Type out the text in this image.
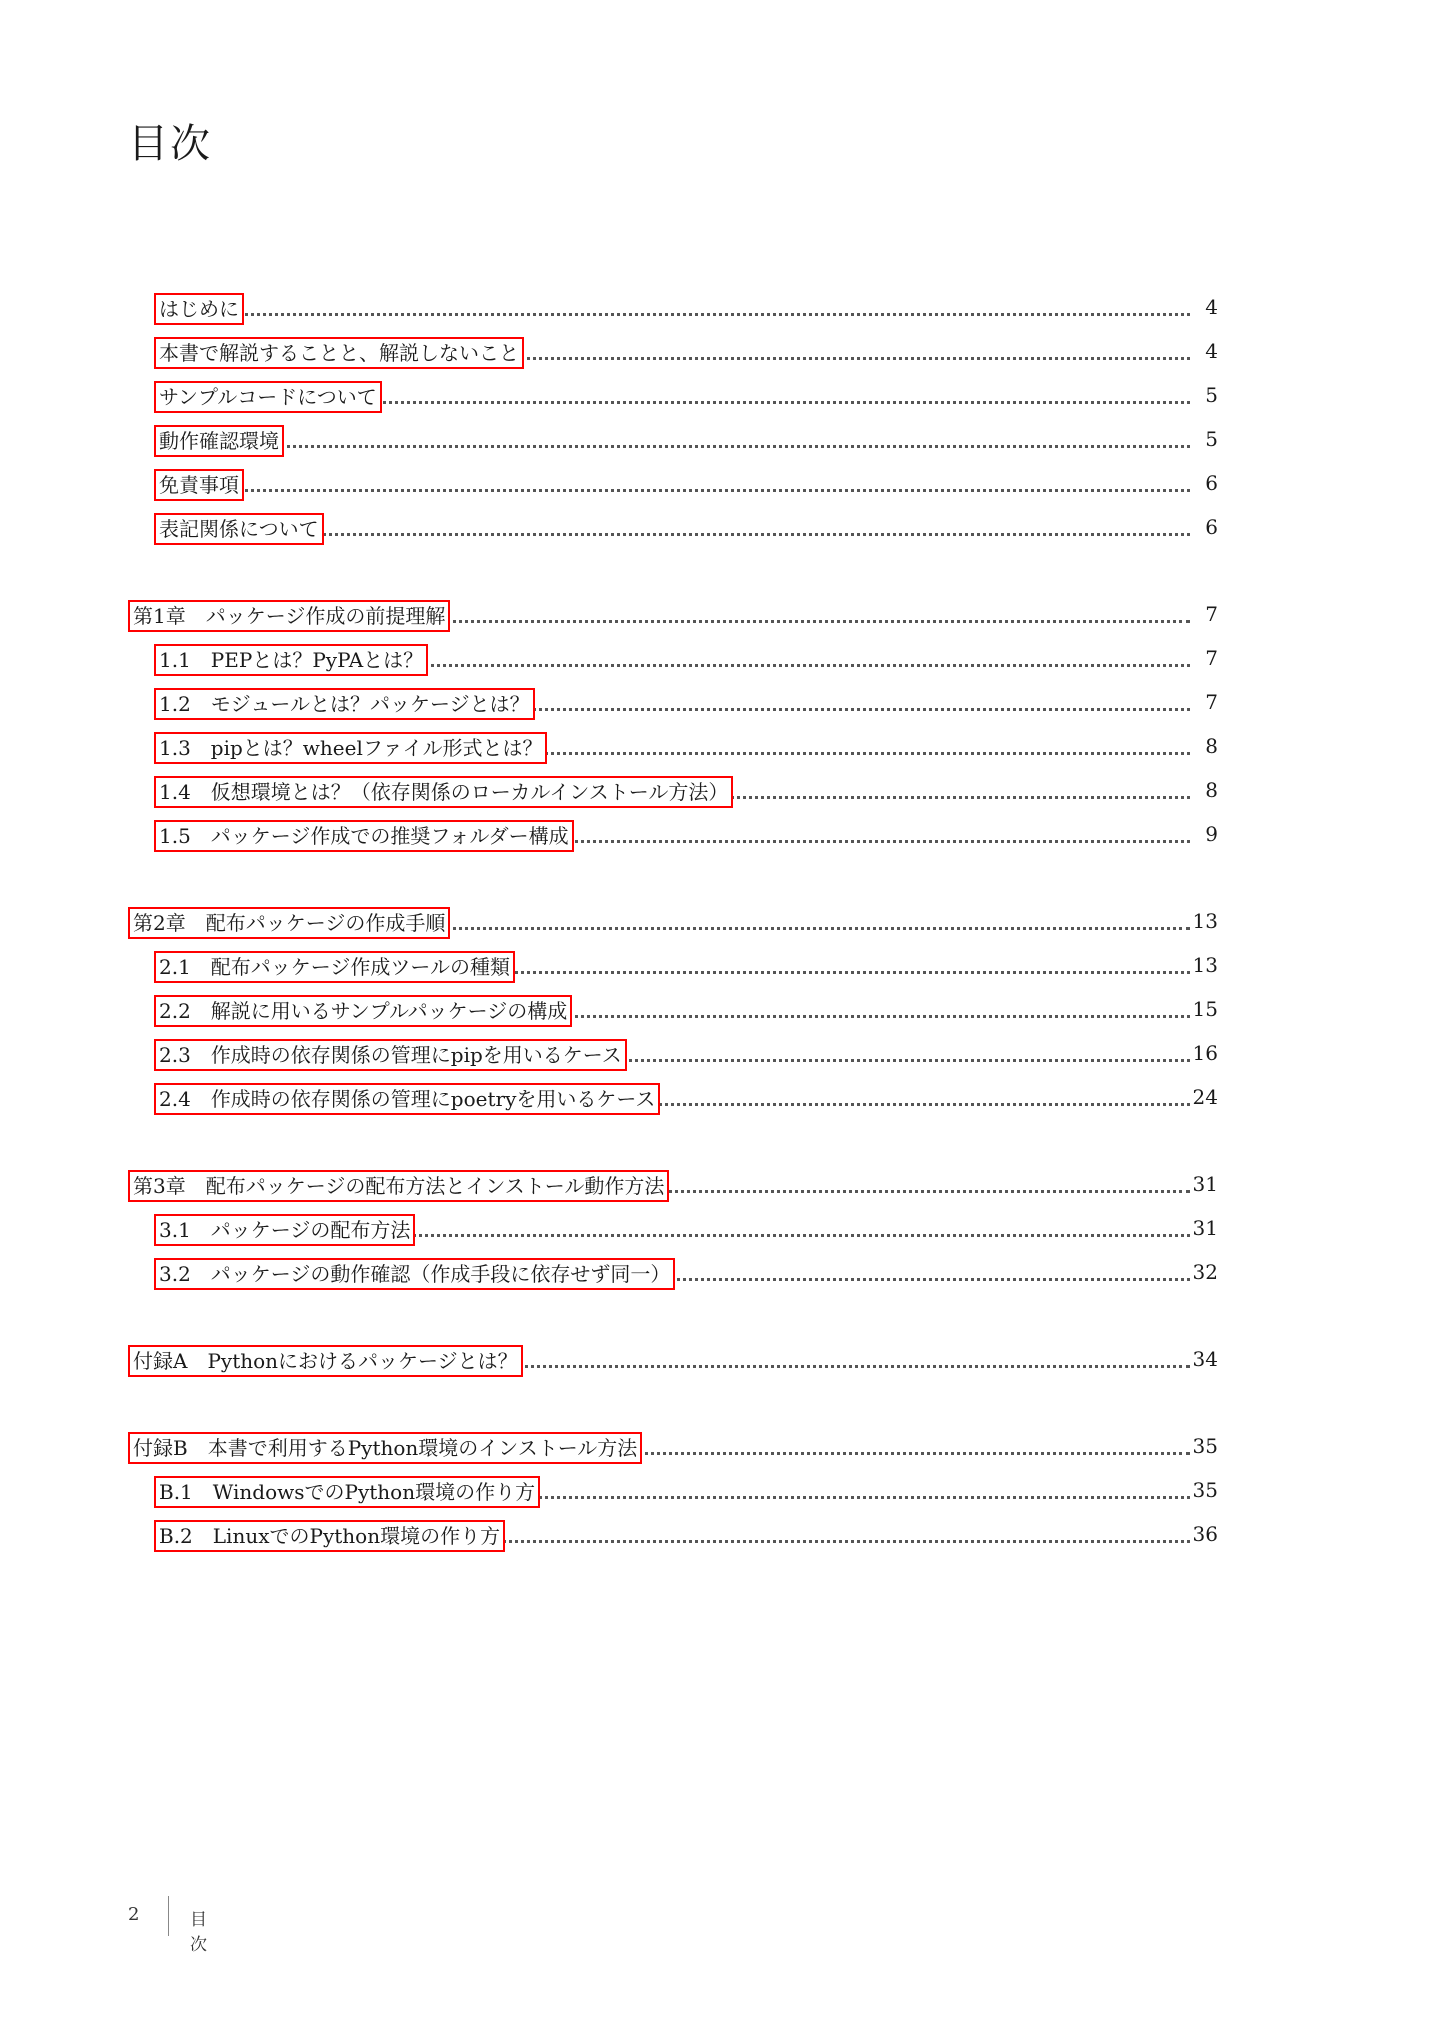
目次
はじめに	4
本書で解説することと、解説しないこと	4
サンプルコードについて	5
動作確認環境	5
免責事項	6
表記関係について	6
第1章　パッケージ作成の前提理解	7
1.1　PEPとは？PyPAとは？	7
1.2　モジュールとは？パッケージとは？	7
1.3　pipとは？wheelファイル形式とは？	8
1.4　仮想環境とは？（依存関係のローカルインストール方法）	8
1.5　パッケージ作成での推奨フォルダー構成	9
第2章　配布パッケージの作成手順	13
2.1　配布パッケージ作成ツールの種類	13
2.2　解説に用いるサンプルパッケージの構成	15
2.3　作成時の依存関係の管理にpipを用いるケース	16
2.4　作成時の依存関係の管理にpoetryを用いるケース	24
第3章　配布パッケージの配布方法とインストール動作方法	31
3.1　パッケージの配布方法	31
3.2　パッケージの動作確認（作成手段に依存せず同一）	32
付録A　Pythonにおけるパッケージとは？	34
付録B　本書で利用するPython環境のインストール方法	35
B.1　WindowsでのPython環境の作り方	35
B.2　LinuxでのPython環境の作り方	36
2	目次
